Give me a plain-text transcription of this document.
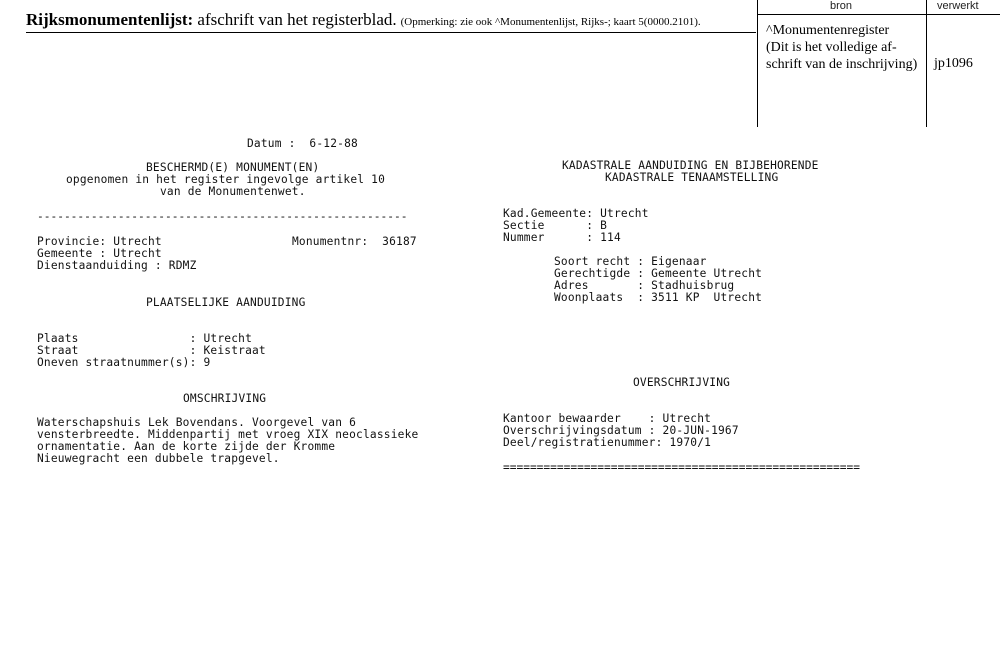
Rijksmonumentenlijst: afschrift van het registerblad. (Opmerking: zie ook ^Monumentenlijst, Rijks-; kaart 5(0000.2101).
bron	verwerkt
^Monumentenregister
(Dit is het volledige af-
schrift van de inschrijving)	jp1096
Datum :  6-12-88
BESCHERMD(E) MONUMENT(EN)
opgenomen in het register ingevolge artikel 10
van de Monumentenwet.
-------------------------------------------------------
Provincie: Utrecht	Monumentnr:  36187
Gemeente : Utrecht
Dienstaanduiding : RDMZ
PLAATSELIJKE AANDUIDING
Plaats                : Utrecht
Straat                : Keistraat
Oneven straatnummer(s): 9
OMSCHRIJVING
Waterschapshuis Lek Bovendans. Voorgevel van 6
vensterbreedte. Middenpartij met vroeg XIX neoclassieke
ornamentatie. Aan de korte zijde der Kromme
Nieuwegracht een dubbele trapgevel.
KADASTRALE AANDUIDING EN BIJBEHORENDE
KADASTRALE TENAAMSTELLING
Kad.Gemeente: Utrecht
Sectie      : B
Nummer      : 114
Soort recht : Eigenaar
Gerechtigde : Gemeente Utrecht
Adres       : Stadhuisbrug
Woonplaats  : 3511 KP  Utrecht
OVERSCHRIJVING
Kantoor bewaarder    : Utrecht
Overschrijvingsdatum : 20-JUN-1967
Deel/registratienummer: 1970/1
=====================================================
